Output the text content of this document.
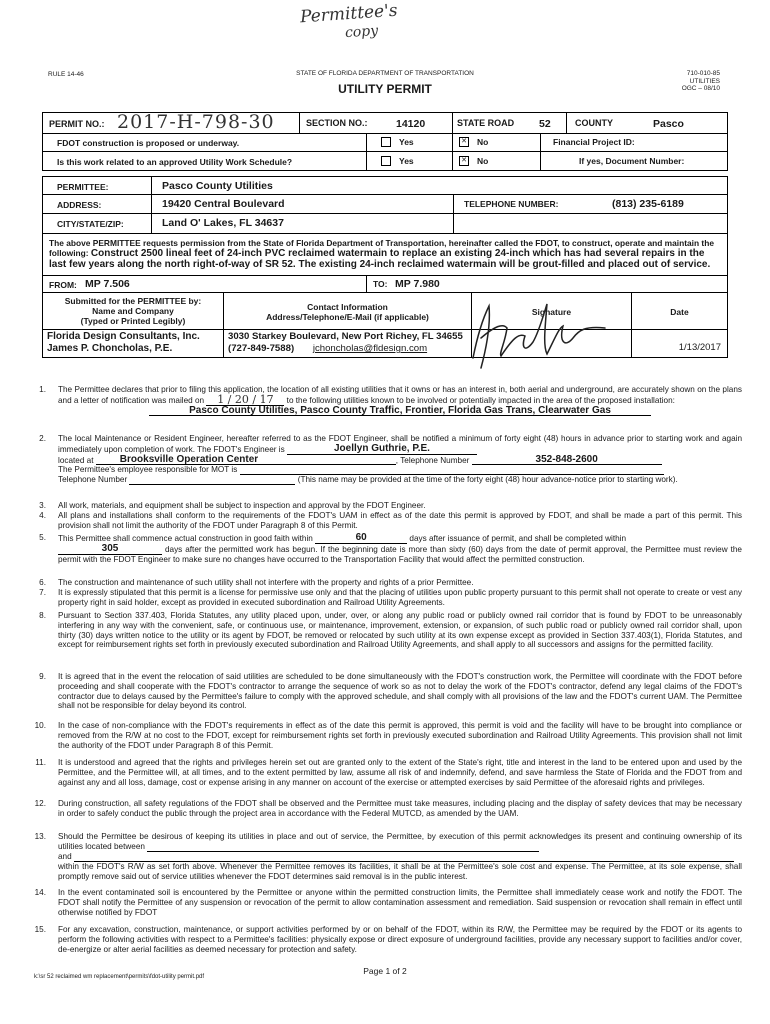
Permittee's
copy
RULE 14-46	STATE OF FLORIDA DEPARTMENT OF TRANSPORTATION
UTILITY PERMIT
710-010-85
UTILITIES
OGC – 08/10
PERMIT NO.: 2017-H-798-30	SECTION NO.:	14120	STATE ROAD 52	COUNTY	Pasco
FDOT construction is proposed or underway.	Yes	✕ No	Financial Project ID:
Is this work related to an approved Utility Work Schedule?	Yes	✕ No	If yes, Document Number:
PERMITTEE:	Pasco County Utilities
ADDRESS:	19420 Central Boulevard	TELEPHONE NUMBER:	(813) 235-6189
CITY/STATE/ZIP:	Land O' Lakes, FL 34637
The above PERMITTEE requests permission from the State of Florida Department of Transportation, hereinafter called the FDOT, to construct, operate and maintain the following: Construct 2500 lineal feet of 24-inch PVC reclaimed watermain to replace an existing 24-inch which has had several repairs in the last few years along the north right-of-way of SR 52. The existing 24-inch reclaimed watermain will be grout-filled and placed out of service.
FROM: MP 7.506	TO: MP 7.980
Submitted for the PERMITTEE by:
Name and Company
(Typed or Printed Legibly)
Contact Information
Address/Telephone/E-Mail (if applicable)	Signature	Date
Florida Design Consultants, Inc.
James P. Choncholas, P.E.
3030 Starkey Boulevard, New Port Richey, FL 34655
(727-849-7588) jchoncholas@fldesign.com	1/13/2017
1. The Permittee declares that prior to filing this application, the location of all existing utilities that it owns or has an interest in, both aerial and underground, are accurately shown on the plans and a letter of notification was mailed on 1 / 20 / 17 to the following utilities known to be involved or potentially impacted in the area of the proposed installation:
Pasco County Utilities, Pasco County Traffic, Frontier, Florida Gas Trans, Clearwater Gas
2. The local Maintenance or Resident Engineer, hereafter referred to as the FDOT Engineer, shall be notified a minimum of forty eight (48) hours in advance prior to starting work and again immediately upon completion of work. The FDOT's Engineer is	Joellyn Guthrie, P.E.
located at	Brooksville Operation Center	, Telephone Number	352-848-2600
The Permittee's employee responsible for MOT is
Telephone Number	(This name may be provided at the time of the forty eight (48) hour advance-notice prior to starting work).
3. All work, materials, and equipment shall be subject to inspection and approval by the FDOT Engineer.
4. All plans and installations shall conform to the requirements of the FDOT's UAM in effect as of the date this permit is approved by FDOT, and shall be made a part of this permit. This provision shall not limit the authority of the FDOT under Paragraph 8 of this Permit.
5. This Permittee shall commence actual construction in good faith within	60	days after issuance of permit, and shall be completed within
305	days after the permitted work has begun. If the beginning date is more than sixty (60) days from the date of permit approval, the Permittee must review the permit with the FDOT Engineer to make sure no changes have occurred to the Transportation Facility that would affect the permitted construction.
6. The construction and maintenance of such utility shall not interfere with the property and rights of a prior Permittee.
7. It is expressly stipulated that this permit is a license for permissive use only and that the placing of utilities upon public property pursuant to this permit shall not operate to create or vest any property right in said holder, except as provided in executed subordination and Railroad Utility Agreements.
8. Pursuant to Section 337.403, Florida Statutes, any utility placed upon, under, over, or along any public road or publicly owned rail corridor that is found by FDOT to be unreasonably interfering in any way with the convenient, safe, or continuous use, or maintenance, improvement, extension, or expansion, of such public road or publicly owned rail corridor shall, upon thirty (30) days written notice to the utility or its agent by FDOT, be removed or relocated by such utility at its own expense except as provided in Section 337.403(1), Florida Statutes, and except for reimbursement rights set forth in previously executed subordination and Railroad Utility Agreements, and shall apply to all successors and assigns for the permitted facility.
9. It is agreed that in the event the relocation of said utilities are scheduled to be done simultaneously with the FDOT's construction work, the Permittee will coordinate with the FDOT before proceeding and shall cooperate with the FDOT's contractor to arrange the sequence of work so as not to delay the work of the FDOT's contractor, defend any legal claims of the FDOT's contractor due to delays caused by the Permittee's failure to comply with the approved schedule, and shall comply with all provisions of the law and the FDOT's current UAM. The Permittee shall not be responsible for delay beyond its control.
10. In the case of non-compliance with the FDOT's requirements in effect as of the date this permit is approved, this permit is void and the facility will have to be brought into compliance or removed from the R/W at no cost to the FDOT, except for reimbursement rights set forth in previously executed subordination and Railroad Utility Agreements. This provision shall not limit the authority of the FDOT under Paragraph 8 of this Permit.
11. It is understood and agreed that the rights and privileges herein set out are granted only to the extent of the State's right, title and interest in the land to be entered upon and used by the Permittee, and the Permittee will, at all times, and to the extent permitted by law, assume all risk of and indemnify, defend, and save harmless the State of Florida and the FDOT from and against any and all loss, damage, cost or expense arising in any manner on account of the exercise or attempted exercises by said Permittee of the aforesaid rights and privileges.
12. During construction, all safety regulations of the FDOT shall be observed and the Permittee must take measures, including placing and the display of safety devices that may be necessary in order to safely conduct the public through the project area in accordance with the Federal MUTCD, as amended by the UAM.
13. Should the Permittee be desirous of keeping its utilities in place and out of service, the Permittee, by execution of this permit acknowledges its present and continuing ownership of its utilities located between
and
within the FDOT's R/W as set forth above. Whenever the Permittee removes its facilities, it shall be at the Permittee's sole cost and expense. The Permittee, at its sole expense, shall promptly remove said out of service utilities whenever the FDOT determines said removal is in the public interest.
14. In the event contaminated soil is encountered by the Permittee or anyone within the permitted construction limits, the Permittee shall immediately cease work and notify the FDOT. The FDOT shall notify the Permittee of any suspension or revocation of the permit to allow contamination assessment and remediation. Said suspension or revocation shall remain in effect until otherwise notified by FDOT
15. For any excavation, construction, maintenance, or support activities performed by or on behalf of the FDOT, within its R/W, the Permittee may be required by the FDOT or its agents to perform the following activities with respect to a Permittee's facilities: physically expose or direct exposure of underground facilities, provide any necessary support to facilities and/or cover, de-energize or alter aerial facilities as deemed necessary for protection and safety.
k:\sr 52 reclaimed wm replacement\permits\fdot-utility permit.pdf
Page 1 of 2
